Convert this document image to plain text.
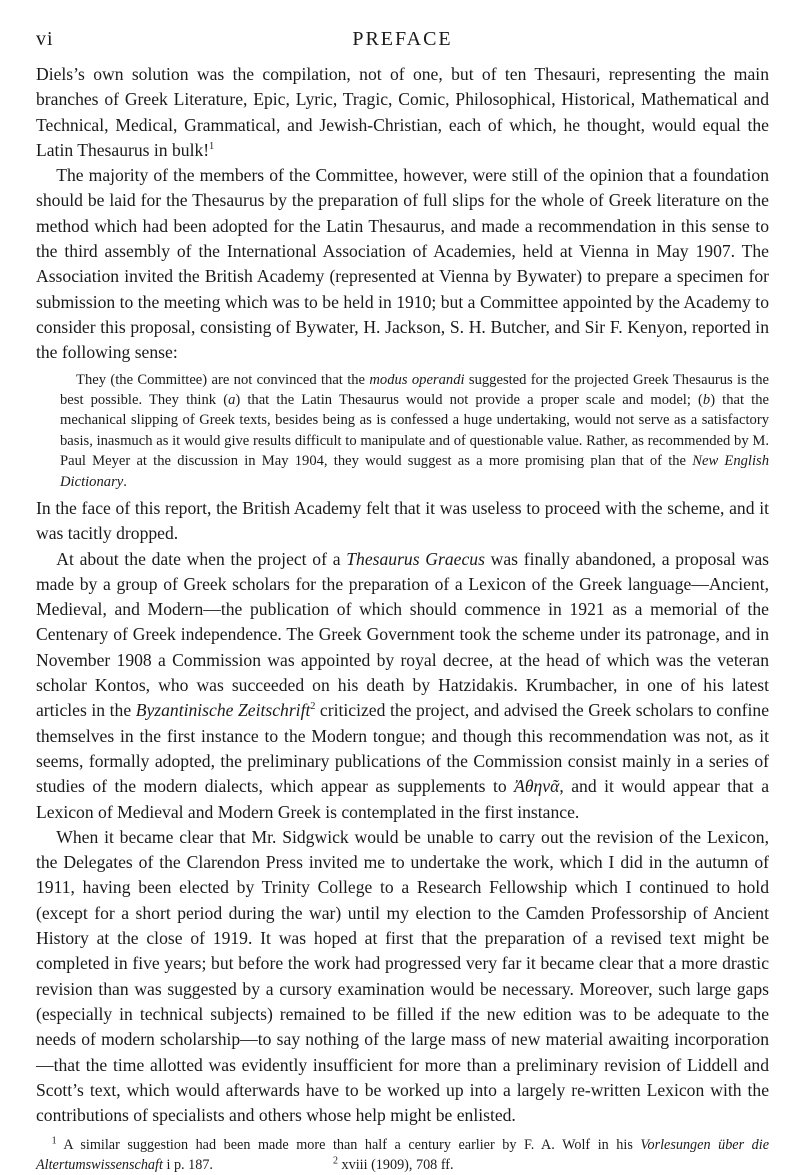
vi	PREFACE

Diels’s own solution was the compilation, not of one, but of ten Thesauri, representing the main branches of Greek Literature, Epic, Lyric, Tragic, Comic, Philosophical, Historical, Mathematical and Technical, Medical, Grammatical, and Jewish-Christian, each of which, he thought, would equal the Latin Thesaurus in bulk!$^1$

The majority of the members of the Committee, however, were still of the opinion that a foundation should be laid for the Thesaurus by the preparation of full slips for the whole of Greek literature on the method which had been adopted for the Latin Thesaurus, and made a recommendation in this sense to the third assembly of the International Association of Academies, held at Vienna in May 1907. The Association invited the British Academy (represented at Vienna by Bywater) to prepare a specimen for submission to the meeting which was to be held in 1910; but a Committee appointed by the Academy to consider this proposal, consisting of Bywater, H. Jackson, S. H. Butcher, and Sir F. Kenyon, reported in the following sense:

They (the Committee) are not convinced that the modus operandi suggested for the projected Greek Thesaurus is the best possible. They think (a) that the Latin Thesaurus would not provide a proper scale and model; (b) that the mechanical slipping of Greek texts, besides being as is confessed a huge undertaking, would not serve as a satisfactory basis, inasmuch as it would give results difficult to manipulate and of questionable value. Rather, as recommended by M. Paul Meyer at the discussion in May 1904, they would suggest as a more promising plan that of the New English Dictionary.

In the face of this report, the British Academy felt that it was useless to proceed with the scheme, and it was tacitly dropped.

At about the date when the project of a Thesaurus Graecus was finally abandoned, a proposal was made by a group of Greek scholars for the preparation of a Lexicon of the Greek language—Ancient, Medieval, and Modern—the publication of which should commence in 1921 as a memorial of the Centenary of Greek independence. The Greek Government took the scheme under its patronage, and in November 1908 a Commission was appointed by royal decree, at the head of which was the veteran scholar Kontos, who was succeeded on his death by Hatzidakis. Krumbacher, in one of his latest articles in the Byzantinische Zeitschrift$^2$ criticized the project, and advised the Greek scholars to confine themselves in the first instance to the Modern tongue; and though this recommendation was not, as it seems, formally adopted, the preliminary publications of the Commission consist mainly in a series of studies of the modern dialects, which appear as supplements to Ἀθηνᾶ, and it would appear that a Lexicon of Medieval and Modern Greek is contemplated in the first instance.

When it became clear that Mr. Sidgwick would be unable to carry out the revision of the Lexicon, the Delegates of the Clarendon Press invited me to undertake the work, which I did in the autumn of 1911, having been elected by Trinity College to a Research Fellowship which I continued to hold (except for a short period during the war) until my election to the Camden Professorship of Ancient History at the close of 1919. It was hoped at first that the preparation of a revised text might be completed in five years; but before the work had progressed very far it became clear that a more drastic revision than was suggested by a cursory examination would be necessary. Moreover, such large gaps (especially in technical subjects) remained to be filled if the new edition was to be adequate to the needs of modern scholarship—to say nothing of the large mass of new material awaiting incorporation—that the time allotted was evidently insufficient for more than a preliminary revision of Liddell and Scott’s text, which would afterwards have to be worked up into a largely re-written Lexicon with the contributions of specialists and others whose help might be enlisted.

$^1$ A similar suggestion had been made more than half a century earlier by F. A. Wolf in his Vorlesungen über die Altertumswissenschaft i p. 187.	$^2$ xviii (1909), 708 ff.
